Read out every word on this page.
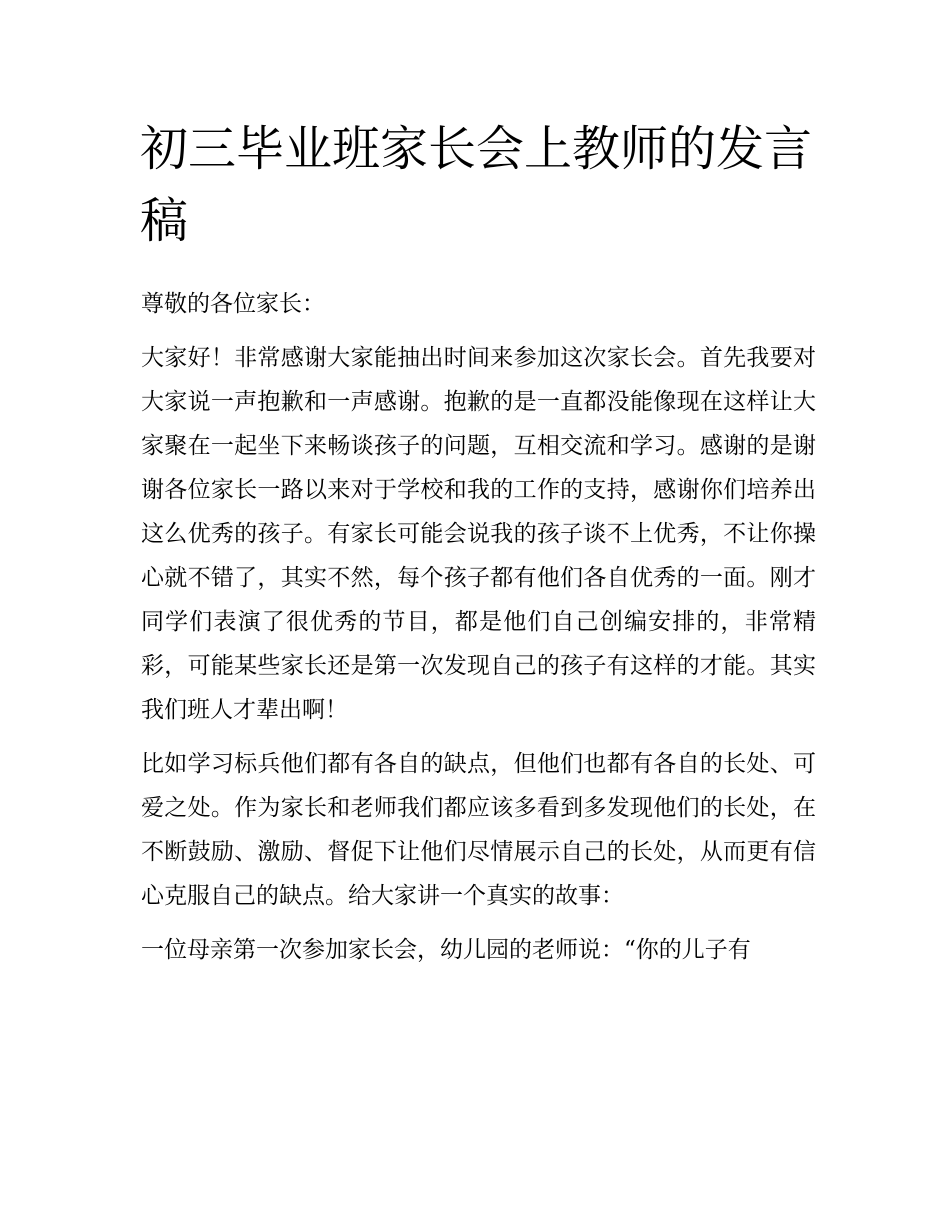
初三毕业班家长会上教师的发言稿

尊敬的各位家长：

大家好！非常感谢大家能抽出时间来参加这次家长会。首先我要对大家说一声抱歉和一声感谢。抱歉的是一直都没能像现在这样让大家聚在一起坐下来畅谈孩子的问题，互相交流和学习。感谢的是谢谢各位家长一路以来对于学校和我的工作的支持，感谢你们培养出这么优秀的孩子。有家长可能会说我的孩子谈不上优秀，不让你操心就不错了，其实不然，每个孩子都有他们各自优秀的一面。刚才同学们表演了很优秀的节目，都是他们自己创编安排的，非常精彩，可能某些家长还是第一次发现自己的孩子有这样的才能。其实我们班人才辈出啊！

比如学习标兵他们都有各自的缺点，但他们也都有各自的长处、可爱之处。作为家长和老师我们都应该多看到多发现他们的长处，在不断鼓励、激励、督促下让他们尽情展示自己的长处，从而更有信心克服自己的缺点。给大家讲一个真实的故事：

一位母亲第一次参加家长会，幼儿园的老师说：“你的儿子有
